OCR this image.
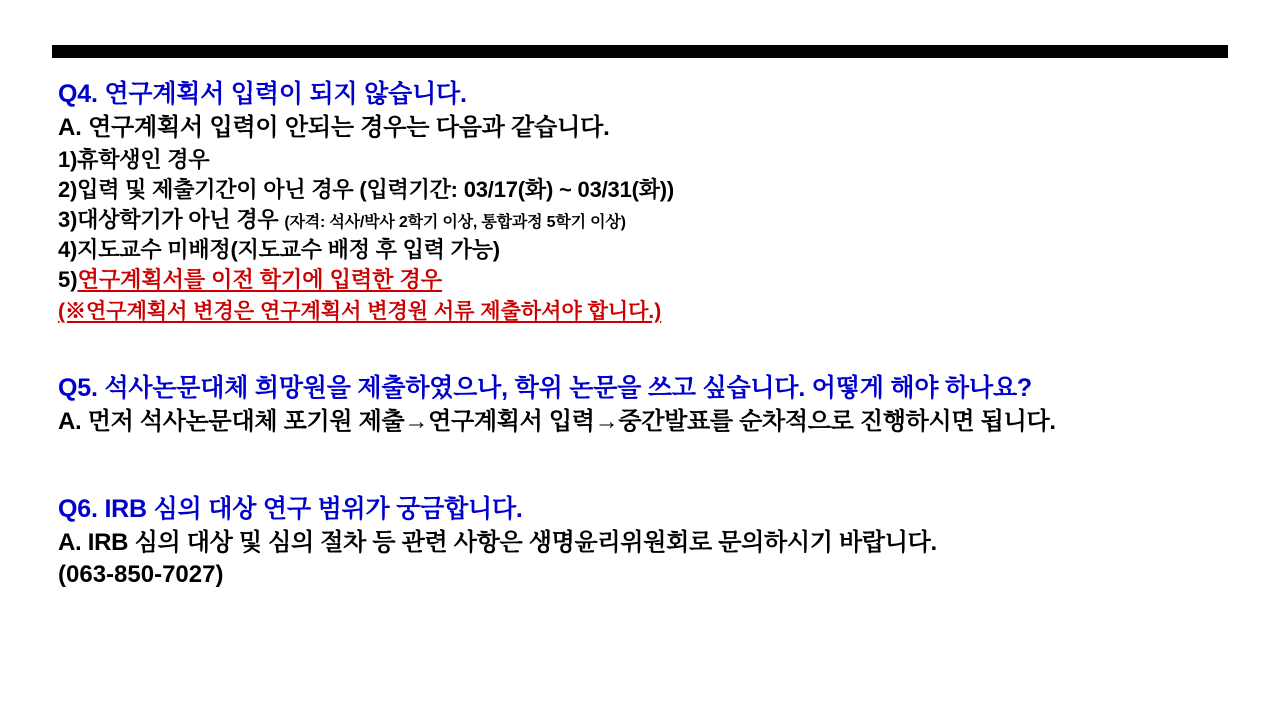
Q4. 연구계획서 입력이 되지 않습니다.

A. 연구계획서 입력이 안되는 경우는 다음과 같습니다.

1)휴학생인 경우

2)입력 및 제출기간이 아닌 경우 (입력기간: 03/17(화) ~ 03/31(화))

3)대상학기가 아닌 경우 (자격: 석사/박사 2학기 이상, 통합과정 5학기 이상)

4)지도교수 미배정(지도교수 배정 후 입력 가능)

5)연구계획서를 이전 학기에 입력한 경우

(※연구계획서 변경은 연구계획서 변경원 서류 제출하셔야 합니다.)

Q5. 석사논문대체 희망원을 제출하였으나, 학위 논문을 쓰고 싶습니다. 어떻게 해야 하나요?

A. 먼저 석사논문대체 포기원 제출→연구계획서 입력→중간발표를 순차적으로 진행하시면 됩니다.

Q6. IRB 심의 대상 연구 범위가 궁금합니다.

A. IRB 심의 대상 및 심의 절차 등 관련 사항은 생명윤리위원회로 문의하시기 바랍니다.

(063-850-7027)
